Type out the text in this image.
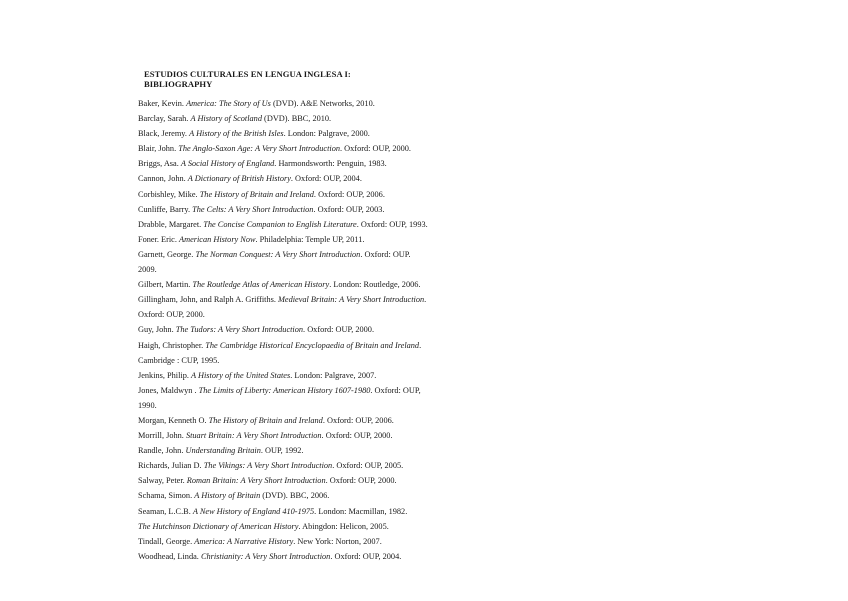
ESTUDIOS CULTURALES EN LENGUA INGLESA I:
BIBLIOGRAPHY
Baker, Kevin. America: The Story of Us (DVD). A&E Networks, 2010.
Barclay, Sarah. A History of Scotland (DVD). BBC, 2010.
Black, Jeremy. A History of the British Isles. London: Palgrave, 2000.
Blair, John. The Anglo-Saxon Age: A Very Short Introduction. Oxford: OUP, 2000.
Briggs, Asa. A Social History of England. Harmondsworth: Penguin, 1983.
Cannon, John. A Dictionary of British History. Oxford: OUP, 2004.
Corbishley, Mike. The History of Britain and Ireland. Oxford: OUP, 2006.
Cunliffe, Barry. The Celts: A Very Short Introduction. Oxford: OUP, 2003.
Drabble, Margaret. The Concise Companion to English Literature. Oxford: OUP, 1993.
Foner. Eric. American History Now. Philadelphia: Temple UP, 2011.
Garnett, George. The Norman Conquest: A Very Short Introduction. Oxford: OUP.
2009.
Gilbert, Martin. The Routledge Atlas of American History. London: Routledge, 2006.
Gillingham, John, and Ralph A. Griffiths. Medieval Britain: A Very Short Introduction.
Oxford: OUP, 2000.
Guy, John. The Tudors: A Very Short Introduction. Oxford: OUP, 2000.
Haigh, Christopher. The Cambridge Historical Encyclopaedia of Britain and Ireland.
Cambridge : CUP, 1995.
Jenkins, Philip. A History of the United States. London: Palgrave, 2007.
Jones, Maldwyn . The Limits of Liberty: American History 1607-1980. Oxford: OUP,
1990.
Morgan, Kenneth O. The History of Britain and Ireland. Oxford: OUP, 2006.
Morrill, John. Stuart Britain: A Very Short Introduction. Oxford: OUP, 2000.
Randle, John. Understanding Britain. OUP, 1992.
Richards, Julian D. The Vikings: A Very Short Introduction. Oxford: OUP, 2005.
Salway, Peter. Roman Britain: A Very Short Introduction. Oxford: OUP, 2000.
Schama, Simon. A History of Britain (DVD). BBC, 2006.
Seaman, L.C.B. A New History of England 410-1975. London: Macmillan, 1982.
The Hutchinson Dictionary of American History. Abingdon: Helicon, 2005.
Tindall, George. America: A Narrative History. New York: Norton, 2007.
Woodhead, Linda. Christianity: A Very Short Introduction. Oxford: OUP, 2004.
